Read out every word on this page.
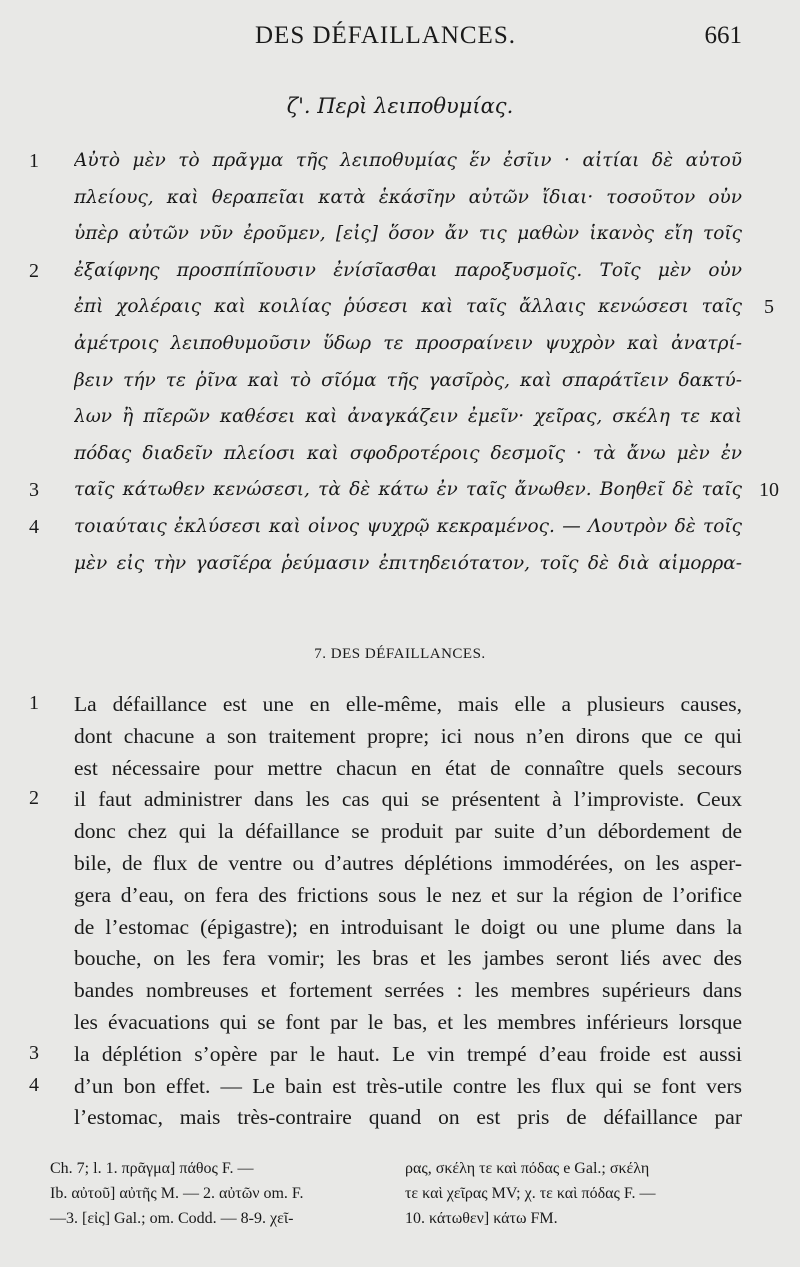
DES DÉFAILLANCES.	661
ζ'. Περὶ λειποθυμίας.
1	Αὐτὸ μὲν τὸ πρᾶγμα τῆς λειποθυμίας ἕν ἐσῖιν · αἰτίαι δὲ αὐτοῦ
πλείους, καὶ θεραπεῖαι κατὰ ἑκάσῖην αὐτῶν ἴδιαι· τοσοῦτον οὖν
ὑπὲρ αὐτῶν νῦν ἐροῦμεν, [εἰς] ὅσον ἄν τις μαθὼν ἱκανὸς εἴη τοῖς
2	ἐξαίφνης προσπίπῖουσιν ἐνίσῖασθαι παροξυσμοῖς. Τοῖς μὲν οὖν
ἐπὶ χολέραις καὶ κοιλίας ῥύσεσι καὶ ταῖς ἄλλαις κενώσεσι ταῖς	5
ἀμέτροις λειποθυμοῦσιν ὕδωρ τε προσραίνειν ψυχρὸν καὶ ἀνατρί-
βειν τήν τε ῥῖνα καὶ τὸ σῖόμα τῆς γασῖρὸς, καὶ σπαράτῖειν δακτύ-
λων ἢ πῖερῶν καθέσει καὶ ἀναγκάζειν ἐμεῖν· χεῖρας, σκέλη τε καὶ
πόδας διαδεῖν πλείοσι καὶ σφοδροτέροις δεσμοῖς · τὰ ἄνω μὲν ἐν
3	ταῖς κάτωθεν κενώσεσι, τὰ δὲ κάτω ἐν ταῖς ἄνωθεν. Βοηθεῖ δὲ ταῖς 10
4	τοιαύταις ἐκλύσεσι καὶ οἶνος ψυχρῷ κεκραμένος. — Λουτρὸν δὲ τοῖς
μὲν εἰς τὴν γασῖέρα ῥεύμασιν ἐπιτηδειότατον, τοῖς δὲ διὰ αἱμορρα-
7. DES DÉFAILLANCES.
1	La défaillance est une en elle-même, mais elle a plusieurs causes,
dont chacune a son traitement propre; ici nous n’en dirons que ce qui
est nécessaire pour mettre chacun en état de connaître quels secours
2	il faut administrer dans les cas qui se présentent à l’improviste. Ceux
donc chez qui la défaillance se produit par suite d’un débordement de
bile, de flux de ventre ou d’autres déplétions immodérées, on les asper-
gera d’eau, on fera des frictions sous le nez et sur la région de l’orifice
de l’estomac (épigastre); en introduisant le doigt ou une plume dans la
bouche, on les fera vomir; les bras et les jambes seront liés avec des
bandes nombreuses et fortement serrées : les membres supérieurs dans
les évacuations qui se font par le bas, et les membres inférieurs lorsque
3	la déplétion s’opère par le haut. Le vin trempé d’eau froide est aussi
4	d’un bon effet. — Le bain est très-utile contre les flux qui se font vers
l’estomac, mais très-contraire quand on est pris de défaillance par
Ch. 7; l. 1. πρᾶγμα] πάθος F. —
Ib. αὐτοῦ] αὐτῆς M. — 2. αὐτῶν om. F.
—3. [εἰς] Gal.; om. Codd. — 8-9. χεῖ-
ρας, σκέλη τε καὶ πόδας e Gal.; σκέλη
τε καὶ χεῖρας MV; χ. τε καὶ πόδας F. —
10. κάτωθεν] κάτω FM.
